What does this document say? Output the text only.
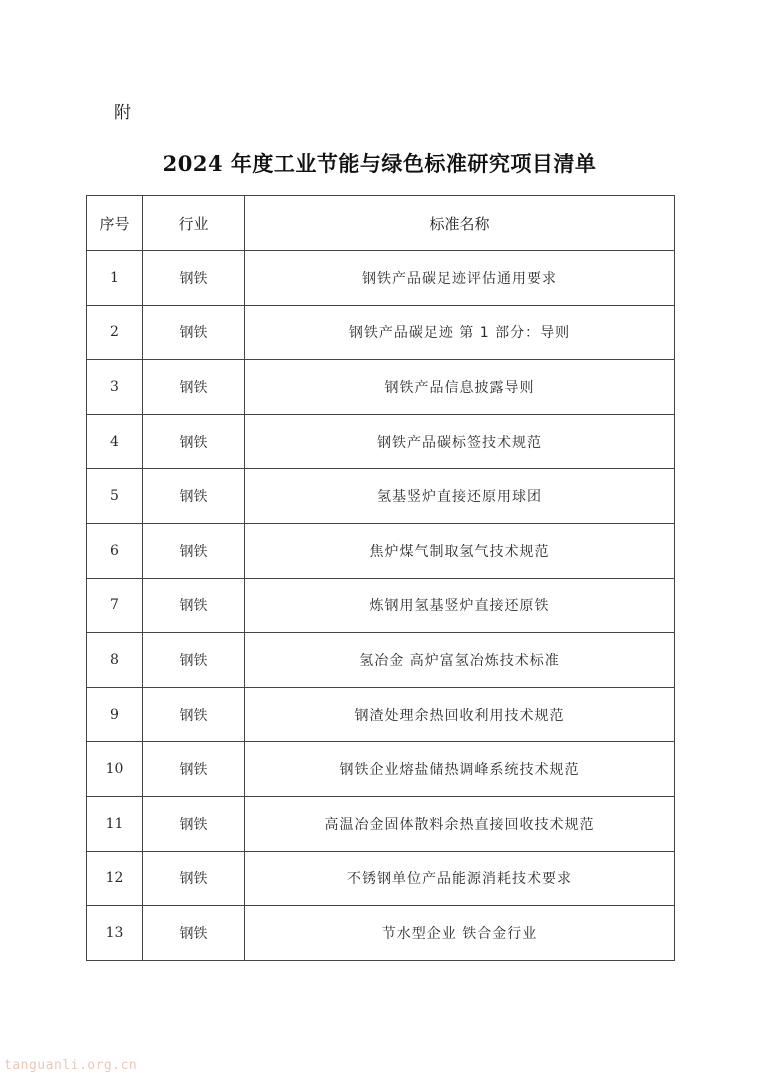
附
2024 年度工业节能与绿色标准研究项目清单
序号	行业	标准名称
1	钢铁	钢铁产品碳足迹评估通用要求
2	钢铁	钢铁产品碳足迹 第 1 部分：导则
3	钢铁	钢铁产品信息披露导则
4	钢铁	钢铁产品碳标签技术规范
5	钢铁	氢基竖炉直接还原用球团
6	钢铁	焦炉煤气制取氢气技术规范
7	钢铁	炼钢用氢基竖炉直接还原铁
8	钢铁	氢冶金 高炉富氢冶炼技术标准
9	钢铁	钢渣处理余热回收利用技术规范
10	钢铁	钢铁企业熔盐储热调峰系统技术规范
11	钢铁	高温冶金固体散料余热直接回收技术规范
12	钢铁	不锈钢单位产品能源消耗技术要求
13	钢铁	节水型企业 铁合金行业
tanguanli.org.cn
